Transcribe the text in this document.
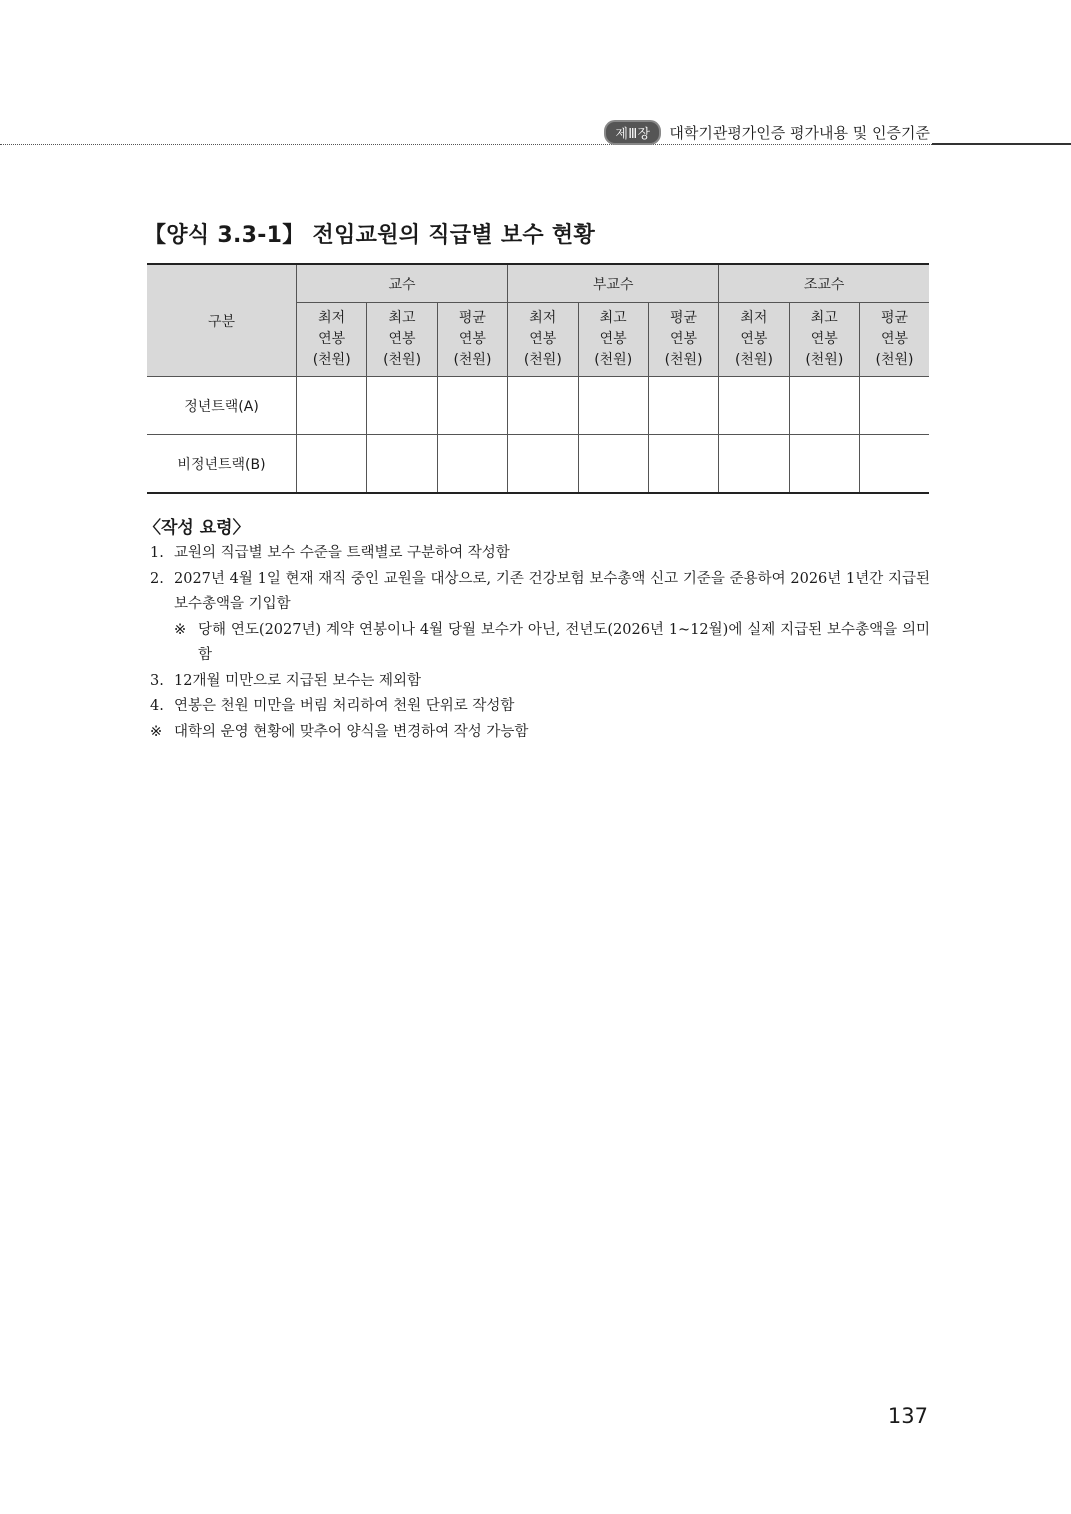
제Ⅲ장	대학기관평가인증 평가내용 및 인증기준
【양식 3.3-1】 전임교원의 직급별 보수 현황
구분	교수			부교수			조교수		

	최저
연봉
(천원)	최고
연봉
(천원)	평균
연봉
(천원)	최저
연봉
(천원)	최고
연봉
(천원)	평균
연봉
(천원)	최저
연봉
(천원)	최고
연봉
(천원)	평균
연봉
(천원)

정년트랙(A)									
비정년트랙(B)									
〈작성 요령〉
1. 교원의 직급별 보수 수준을 트랙별로 구분하여 작성함
2. 2027년 4월 1일 현재 재직 중인 교원을 대상으로, 기존 건강보험 보수총액 신고 기준을 준용하여 2026년 1년간 지급된 보수총액을 기입함
※ 당해 연도(2027년) 계약 연봉이나 4월 당월 보수가 아닌, 전년도(2026년 1~12월)에 실제 지급된 보수총액을 의미함
3. 12개월 미만으로 지급된 보수는 제외함
4. 연봉은 천원 미만을 버림 처리하여 천원 단위로 작성함
※ 대학의 운영 현황에 맞추어 양식을 변경하여 작성 가능함
137
